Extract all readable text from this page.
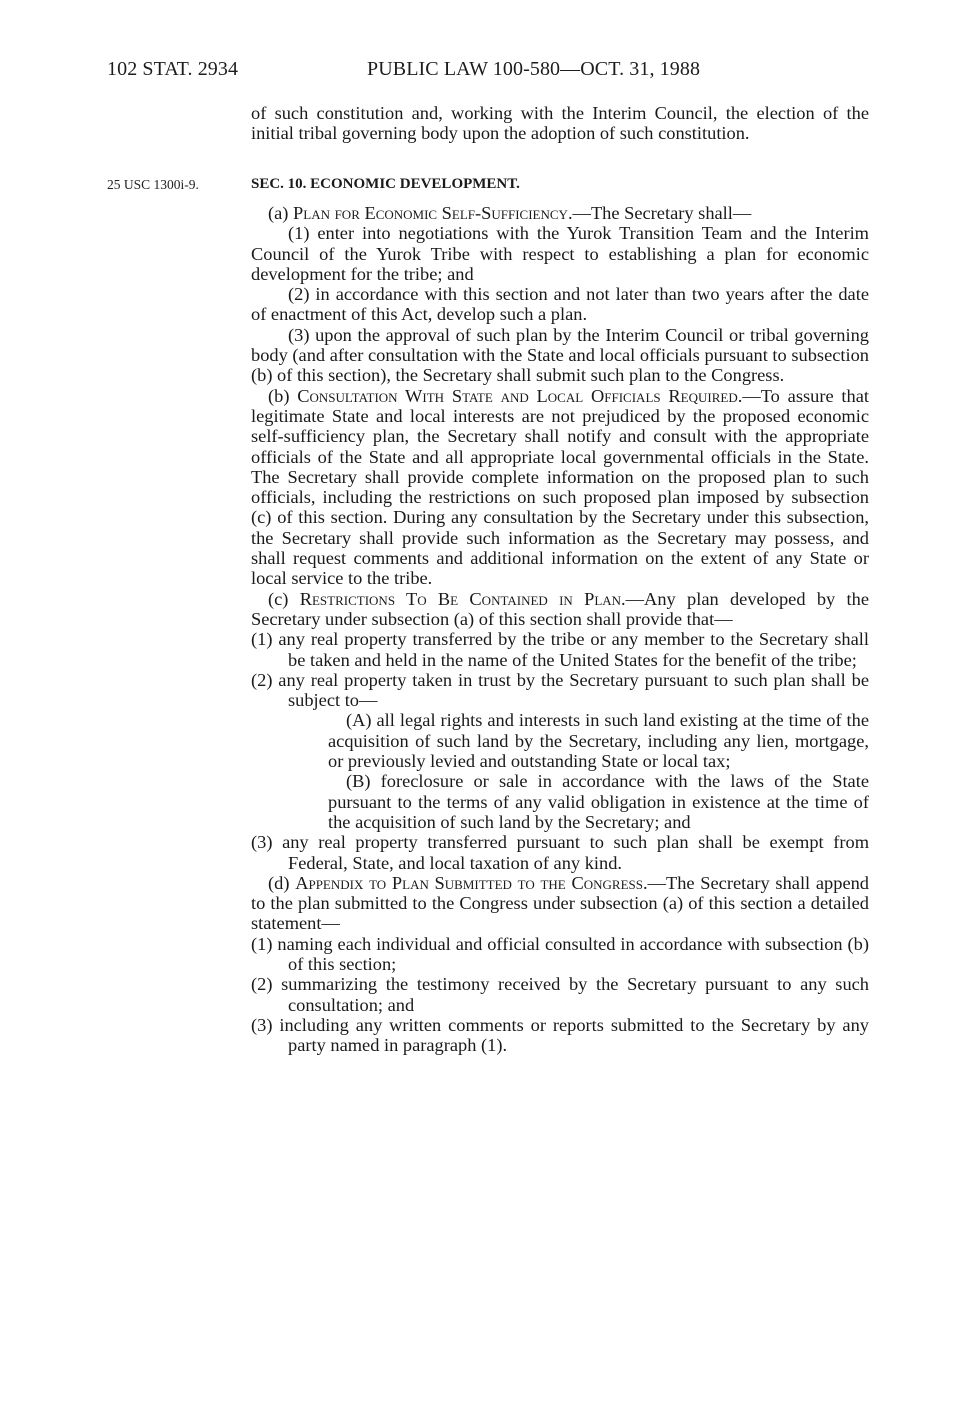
102 STAT. 2934	PUBLIC LAW 100-580—OCT. 31, 1988

of such constitution and, working with the Interim Council, the election of the initial tribal governing body upon the adoption of such constitution.

25 USC 1300i-9.	SEC. 10. ECONOMIC DEVELOPMENT.

(a) Plan for Economic Self-Sufficiency.—The Secretary shall—

(1) enter into negotiations with the Yurok Transition Team and the Interim Council of the Yurok Tribe with respect to establishing a plan for economic development for the tribe; and

(2) in accordance with this section and not later than two years after the date of enactment of this Act, develop such a plan.

(3) upon the approval of such plan by the Interim Council or tribal governing body (and after consultation with the State and local officials pursuant to subsection (b) of this section), the Secretary shall submit such plan to the Congress.

(b) Consultation With State and Local Officials Required.—To assure that legitimate State and local interests are not prejudiced by the proposed economic self-sufficiency plan, the Secretary shall notify and consult with the appropriate officials of the State and all appropriate local governmental officials in the State. The Secretary shall provide complete information on the proposed plan to such officials, including the restrictions on such proposed plan imposed by subsection (c) of this section. During any consultation by the Secretary under this subsection, the Secretary shall provide such information as the Secretary may possess, and shall request comments and additional information on the extent of any State or local service to the tribe.

(c) Restrictions To Be Contained in Plan.—Any plan developed by the Secretary under subsection (a) of this section shall provide that—

(1) any real property transferred by the tribe or any member to the Secretary shall be taken and held in the name of the United States for the benefit of the tribe;

(2) any real property taken in trust by the Secretary pursuant to such plan shall be subject to—

(A) all legal rights and interests in such land existing at the time of the acquisition of such land by the Secretary, including any lien, mortgage, or previously levied and outstanding State or local tax;

(B) foreclosure or sale in accordance with the laws of the State pursuant to the terms of any valid obligation in existence at the time of the acquisition of such land by the Secretary; and

(3) any real property transferred pursuant to such plan shall be exempt from Federal, State, and local taxation of any kind.

(d) Appendix to Plan Submitted to the Congress.—The Secretary shall append to the plan submitted to the Congress under subsection (a) of this section a detailed statement—

(1) naming each individual and official consulted in accordance with subsection (b) of this section;

(2) summarizing the testimony received by the Secretary pursuant to any such consultation; and

(3) including any written comments or reports submitted to the Secretary by any party named in paragraph (1).
